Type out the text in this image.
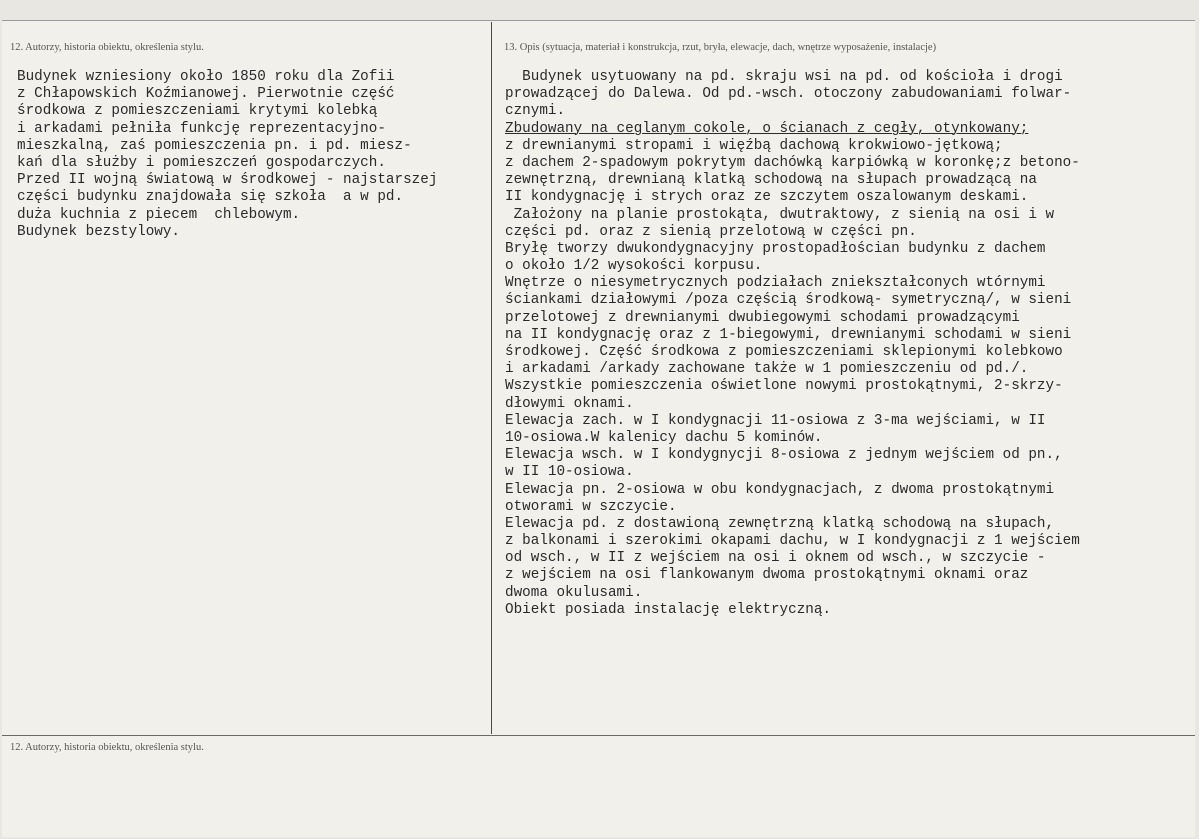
12. Autorzy, historia obiektu, określenia stylu.	13. Opis (sytuacja, materiał i konstrukcja, rzut, bryła, elewacje, dach, wnętrze wyposażenie, instalacje)
12. Autorzy, historia obiektu, określenia stylu.
Budynek wzniesiony około 1850 roku dla Zofii
z Chłapowskich Koźmianowej. Pierwotnie część
środkowa z pomieszczeniami krytymi kolebką
i arkadami pełniła funkcję reprezentacyjno-
mieszkalną, zaś pomieszczenia pn. i pd. miesz-
kań dla służby i pomieszczeń gospodarczych.
Przed II wojną światową w środkowej - najstarszej
części budynku znajdowała się szkoła  a w pd.
duża kuchnia z piecem  chlebowym.
Budynek bezstylowy.
Budynek usytuowany na pd. skraju wsi na pd. od kościoła i drogi
prowadzącej do Dalewa. Od pd.-wsch. otoczony zabudowaniami folwar-
cznymi.
Zbudowany na ceglanym cokole, o ścianach z cegły, otynkowany;
z drewnianymi stropami i więźbą dachową krokwiowo-jętkową;
z dachem 2-spadowym pokrytym dachówką karpiówką w koronkę;z betono-
zewnętrzną, drewnianą klatką schodową na słupach prowadzącą na
II kondygnację i strych oraz ze szczytem oszalowanym deskami.
Założony na planie prostokąta, dwutraktowy, z sienią na osi i w
części pd. oraz z sienią przelotową w części pn.
Bryłę tworzy dwukondygnacyjny prostopadłościan budynku z dachem
o około 1/2 wysokości korpusu.
Wnętrze o niesymetrycznych podziałach zniekształconych wtórnymi
ściankami działowymi /poza częścią środkową- symetryczną/, w sieni
przelotowej z drewnianymi dwubiegowymi schodami prowadzącymi
na II kondygnację oraz z 1-biegowymi, drewnianymi schodami w sieni
środkowej. Część środkowa z pomieszczeniami sklepionymi kolebkowo
i arkadami /arkady zachowane także w 1 pomieszczeniu od pd./.
Wszystkie pomieszczenia oświetlone nowymi prostokątnymi, 2-skrzy-
dłowymi oknami.
Elewacja zach. w I kondygnacji 11-osiowa z 3-ma wejściami, w II
10-osiowa.W kalenicy dachu 5 kominów.
Elewacja wsch. w I kondygnycji 8-osiowa z jednym wejściem od pn.,
w II 10-osiowa.
Elewacja pn. 2-osiowa w obu kondygnacjach, z dwoma prostokątnymi
otworami w szczycie.
Elewacja pd. z dostawioną zewnętrzną klatką schodową na słupach,
z balkonami i szerokimi okapami dachu, w I kondygnacji z 1 wejściem
od wsch., w II z wejściem na osi i oknem od wsch., w szczycie -
z wejściem na osi flankowanym dwoma prostokątnymi oknami oraz
dwoma okulusami.
Obiekt posiada instalację elektryczną.
